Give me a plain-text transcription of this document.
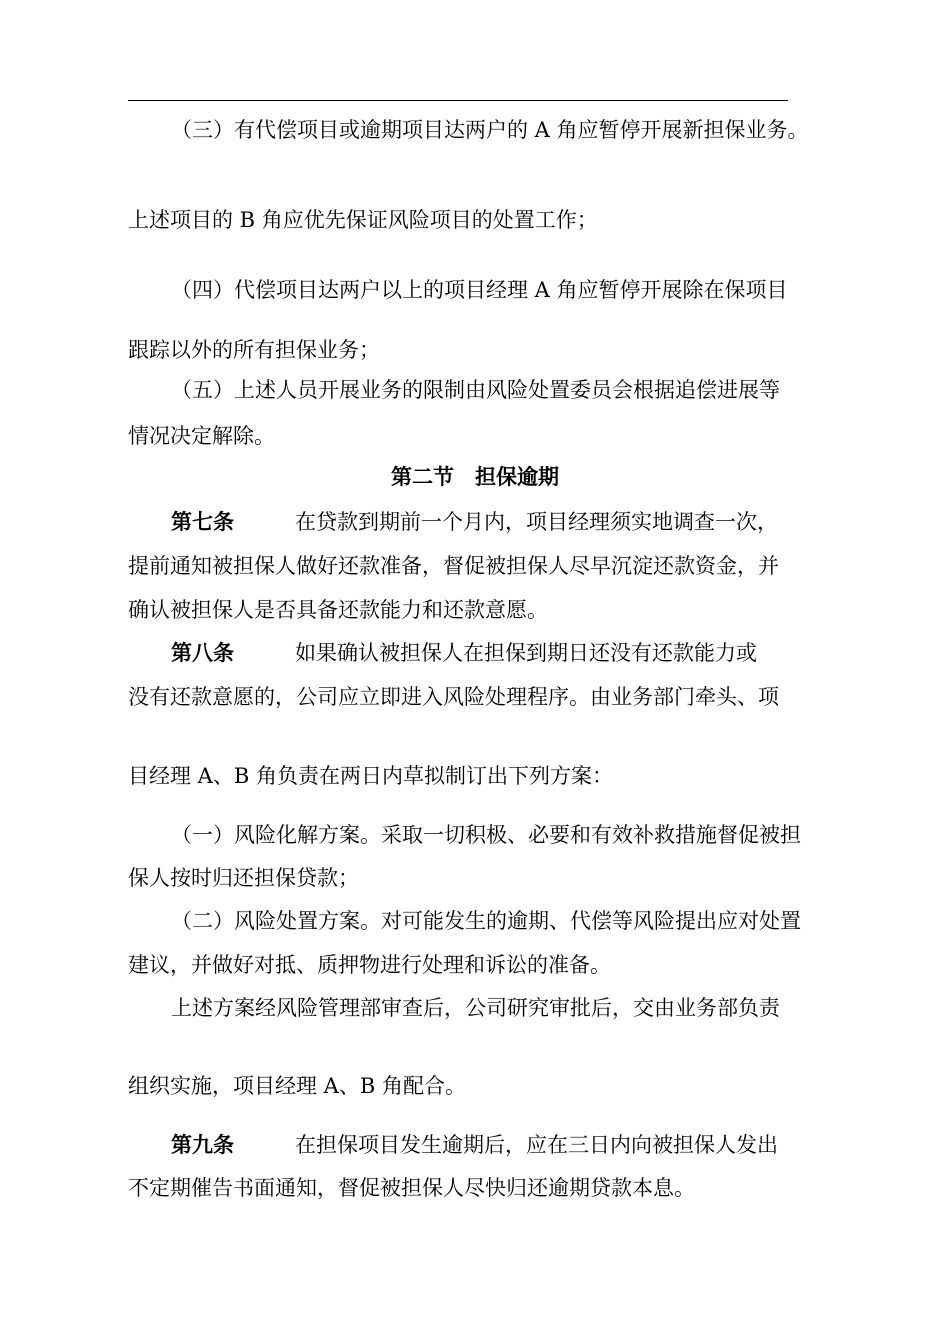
（三）有代偿项目或逾期项目达两户的 A 角应暂停开展新担保业务。
上述项目的 B 角应优先保证风险项目的处置工作；
（四）代偿项目达两户以上的项目经理 A 角应暂停开展除在保项目
跟踪以外的所有担保业务；
（五）上述人员开展业务的限制由风险处置委员会根据追偿进展等
情况决定解除。
第二节　担保逾期
第七条	在贷款到期前一个月内，项目经理须实地调查一次，
提前通知被担保人做好还款准备，督促被担保人尽早沉淀还款资金，并
确认被担保人是否具备还款能力和还款意愿。
第八条	如果确认被担保人在担保到期日还没有还款能力或
没有还款意愿的，公司应立即进入风险处理程序。由业务部门牵头、项
目经理 A、B 角负责在两日内草拟制订出下列方案：
（一）风险化解方案。采取一切积极、必要和有效补救措施督促被担
保人按时归还担保贷款；
（二）风险处置方案。对可能发生的逾期、代偿等风险提出应对处置
建议，并做好对抵、质押物进行处理和诉讼的准备。
上述方案经风险管理部审查后，公司研究审批后，交由业务部负责
组织实施，项目经理 A、B 角配合。
第九条	在担保项目发生逾期后，应在三日内向被担保人发出
不定期催告书面通知，督促被担保人尽快归还逾期贷款本息。
